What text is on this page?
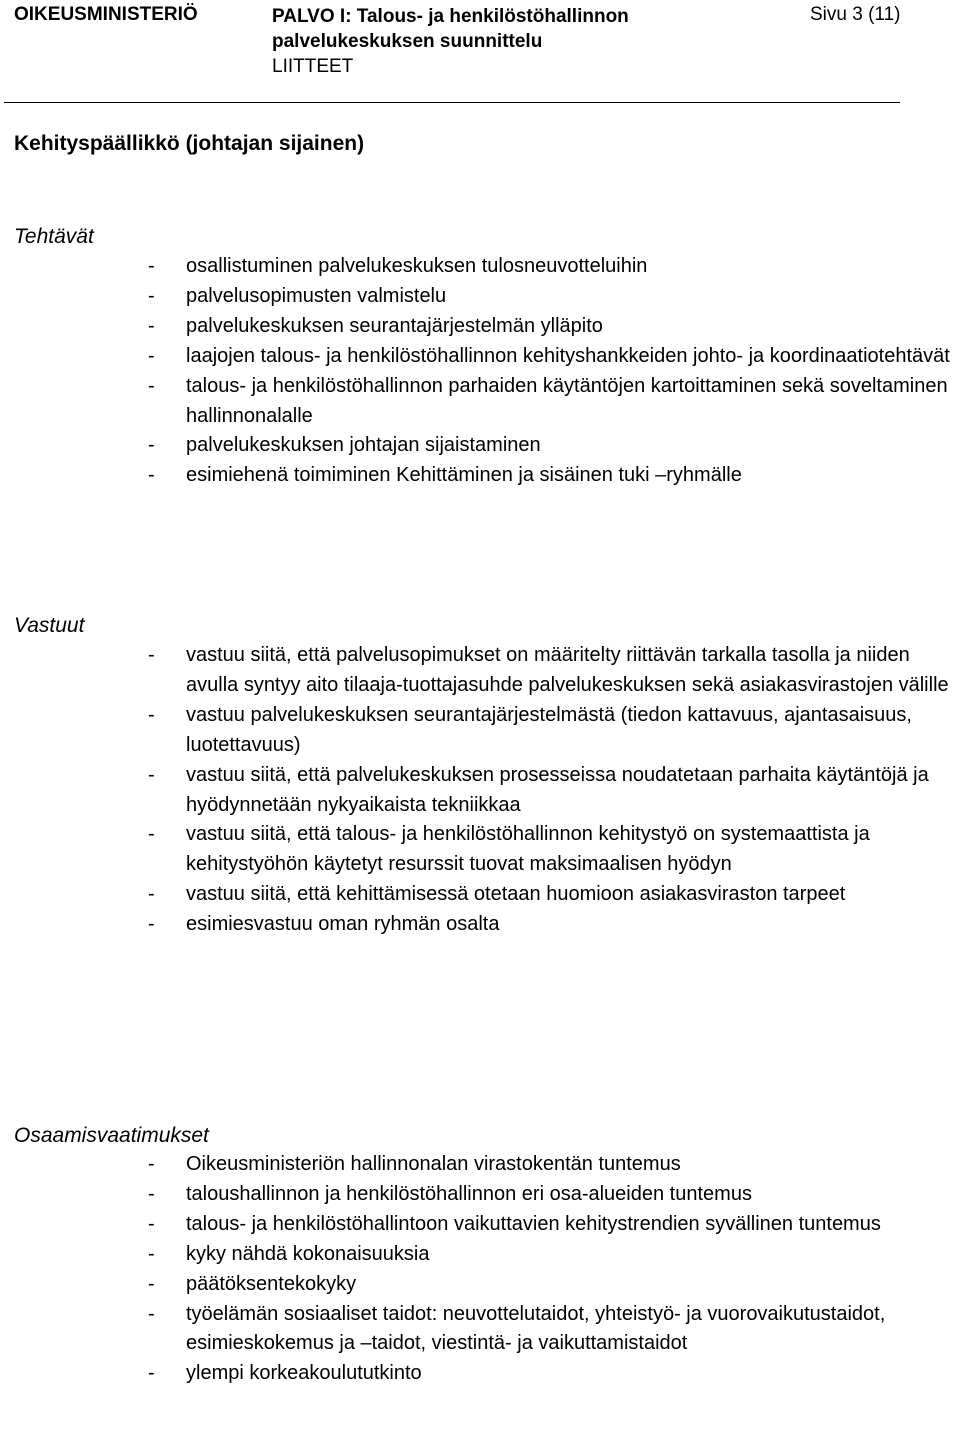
OIKEUSMINISTERIÖ	PALVO I: Talous- ja henkilöstöhallinnon
palvelukeskuksen suunnittelu
LIITTEET
Sivu 3 (11)
Kehityspäällikkö (johtajan sijainen)
Tehtävät
- osallistuminen palvelukeskuksen tulosneuvotteluihin
- palvelusopimusten valmistelu
- palvelukeskuksen seurantajärjestelmän ylläpito
- laajojen talous- ja henkilöstöhallinnon kehityshankkeiden johto- ja koordinaatiotehtävät
- talous- ja henkilöstöhallinnon parhaiden käytäntöjen kartoittaminen sekä soveltaminen hallinnonalalle
- palvelukeskuksen johtajan sijaistaminen
- esimiehenä toimiminen Kehittäminen ja sisäinen tuki –ryhmälle
Vastuut
- vastuu siitä, että palvelusopimukset on määritelty riittävän tarkalla tasolla ja niiden avulla syntyy aito tilaaja-tuottajasuhde palvelukeskuksen sekä asiakasvirastojen välille
- vastuu palvelukeskuksen seurantajärjestelmästä (tiedon kattavuus, ajantasaisuus, luotettavuus)
- vastuu siitä, että palvelukeskuksen prosesseissa noudatetaan parhaita käytäntöjä ja hyödynnetään nykyaikaista tekniikkaa
- vastuu siitä, että talous- ja henkilöstöhallinnon kehitystyö on systemaattista ja kehitystyöhön käytetyt resurssit tuovat maksimaalisen hyödyn
- vastuu siitä, että kehittämisessä otetaan huomioon asiakasviraston tarpeet
- esimiesvastuu oman ryhmän osalta
Osaamisvaatimukset
- Oikeusministeriön hallinnonalan virastokentän tuntemus
- taloushallinnon ja henkilöstöhallinnon eri osa-alueiden tuntemus
- talous- ja henkilöstöhallintoon vaikuttavien kehitystrendien syvällinen tuntemus
- kyky nähdä kokonaisuuksia
- päätöksentekokyky
- työelämän sosiaaliset taidot: neuvottelutaidot, yhteistyö- ja vuorovaikutustaidot, esimieskokemus ja –taidot, viestintä- ja vaikuttamistaidot
- ylempi korkeakoulututkinto
